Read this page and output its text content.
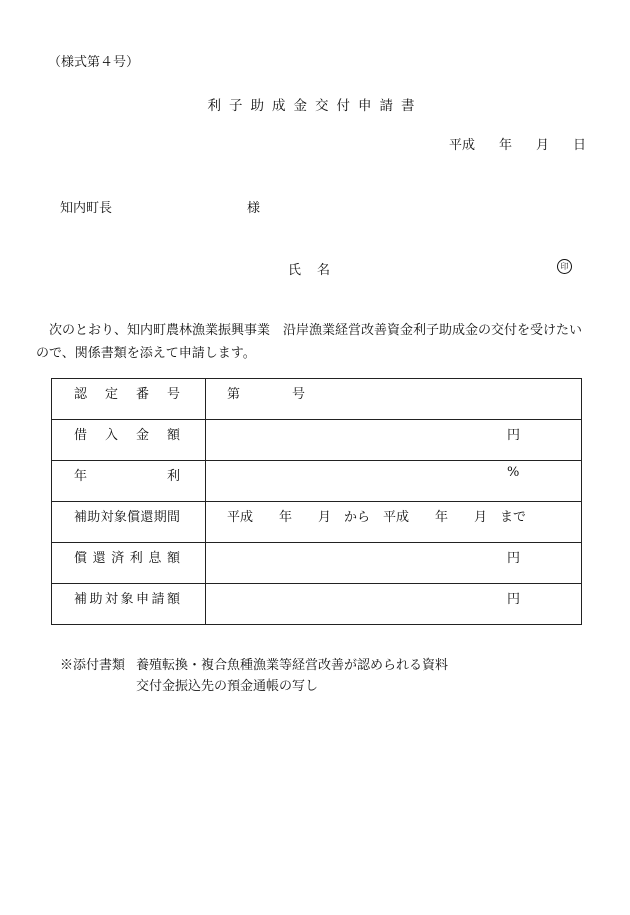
（様式第４号）
利子助成金交付申請書
平成 年 月 日
知内町長	様
氏名	印
次のとおり、知内町農林漁業振興事業　沿岸漁業経営改善資金利子助成金の交付を受けたいので、関係書類を添えて申請します。
認定番号	第　　　　号

借入金額	円

年利	%

補助対象償還期間	平成　　年　　月　から　平成　　年　　月　まで

償還済利息額	円

補助対象申請額	円
※添付書類 養殖転換・複合魚種漁業等経営改善が認められる資料
交付金振込先の預金通帳の写し
